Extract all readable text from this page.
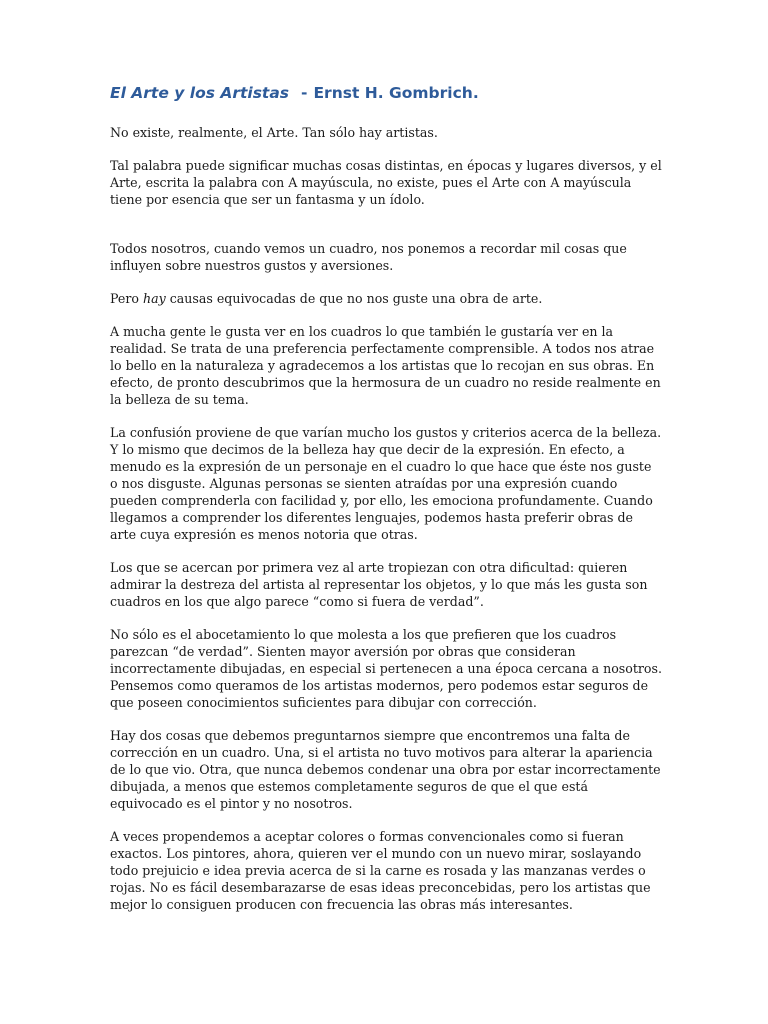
El Arte y los Artistas - Ernst H. Gombrich.

No existe, realmente, el Arte. Tan sólo hay artistas.

Tal palabra puede significar muchas cosas distintas, en épocas y lugares diversos, y el Arte, escrita la palabra con A mayúscula, no existe, pues el Arte con A mayúscula tiene por esencia que ser un fantasma y un ídolo.

Todos nosotros, cuando vemos un cuadro, nos ponemos a recordar mil cosas que influyen sobre nuestros gustos y aversiones.

Pero hay causas equivocadas de que no nos guste una obra de arte.

A mucha gente le gusta ver en los cuadros lo que también le gustaría ver en la realidad. Se trata de una preferencia perfectamente comprensible. A todos nos atrae lo bello en la naturaleza y agradecemos a los artistas que lo recojan en sus obras. En efecto, de pronto descubrimos que la hermosura de un cuadro no reside realmente en la belleza de su tema.

La confusión proviene de que varían mucho los gustos y criterios acerca de la belleza. Y lo mismo que decimos de la belleza hay que decir de la expresión. En efecto, a menudo es la expresión de un personaje en el cuadro lo que hace que éste nos guste o nos disguste. Algunas personas se sienten atraídas por una expresión cuando pueden comprenderla con facilidad y, por ello, les emociona profundamente. Cuando llegamos a comprender los diferentes lenguajes, podemos hasta preferir obras de arte cuya expresión es menos notoria que otras.

Los que se acercan por primera vez al arte tropiezan con otra dificultad: quieren admirar la destreza del artista al representar los objetos, y lo que más les gusta son cuadros en los que algo parece “como si fuera de verdad”.

No sólo es el abocetamiento lo que molesta a los que prefieren que los cuadros parezcan “de verdad”. Sienten mayor aversión por obras que consideran incorrectamente dibujadas, en especial si pertenecen a una época cercana a nosotros. Pensemos como queramos de los artistas modernos, pero podemos estar seguros de que poseen conocimientos suficientes para dibujar con corrección.

Hay dos cosas que debemos preguntarnos siempre que encontremos una falta de corrección en un cuadro. Una, si el artista no tuvo motivos para alterar la apariencia de lo que vio. Otra, que nunca debemos condenar una obra por estar incorrectamente dibujada, a menos que estemos completamente seguros de que el que está equivocado es el pintor y no nosotros.

A veces propendemos a aceptar colores o formas convencionales como si fueran exactos. Los pintores, ahora, quieren ver el mundo con un nuevo mirar, soslayando todo prejuicio e idea previa acerca de si la carne es rosada y las manzanas verdes o rojas. No es fácil desembarazarse de esas ideas preconcebidas, pero los artistas que mejor lo consiguen producen con frecuencia las obras más interesantes.
